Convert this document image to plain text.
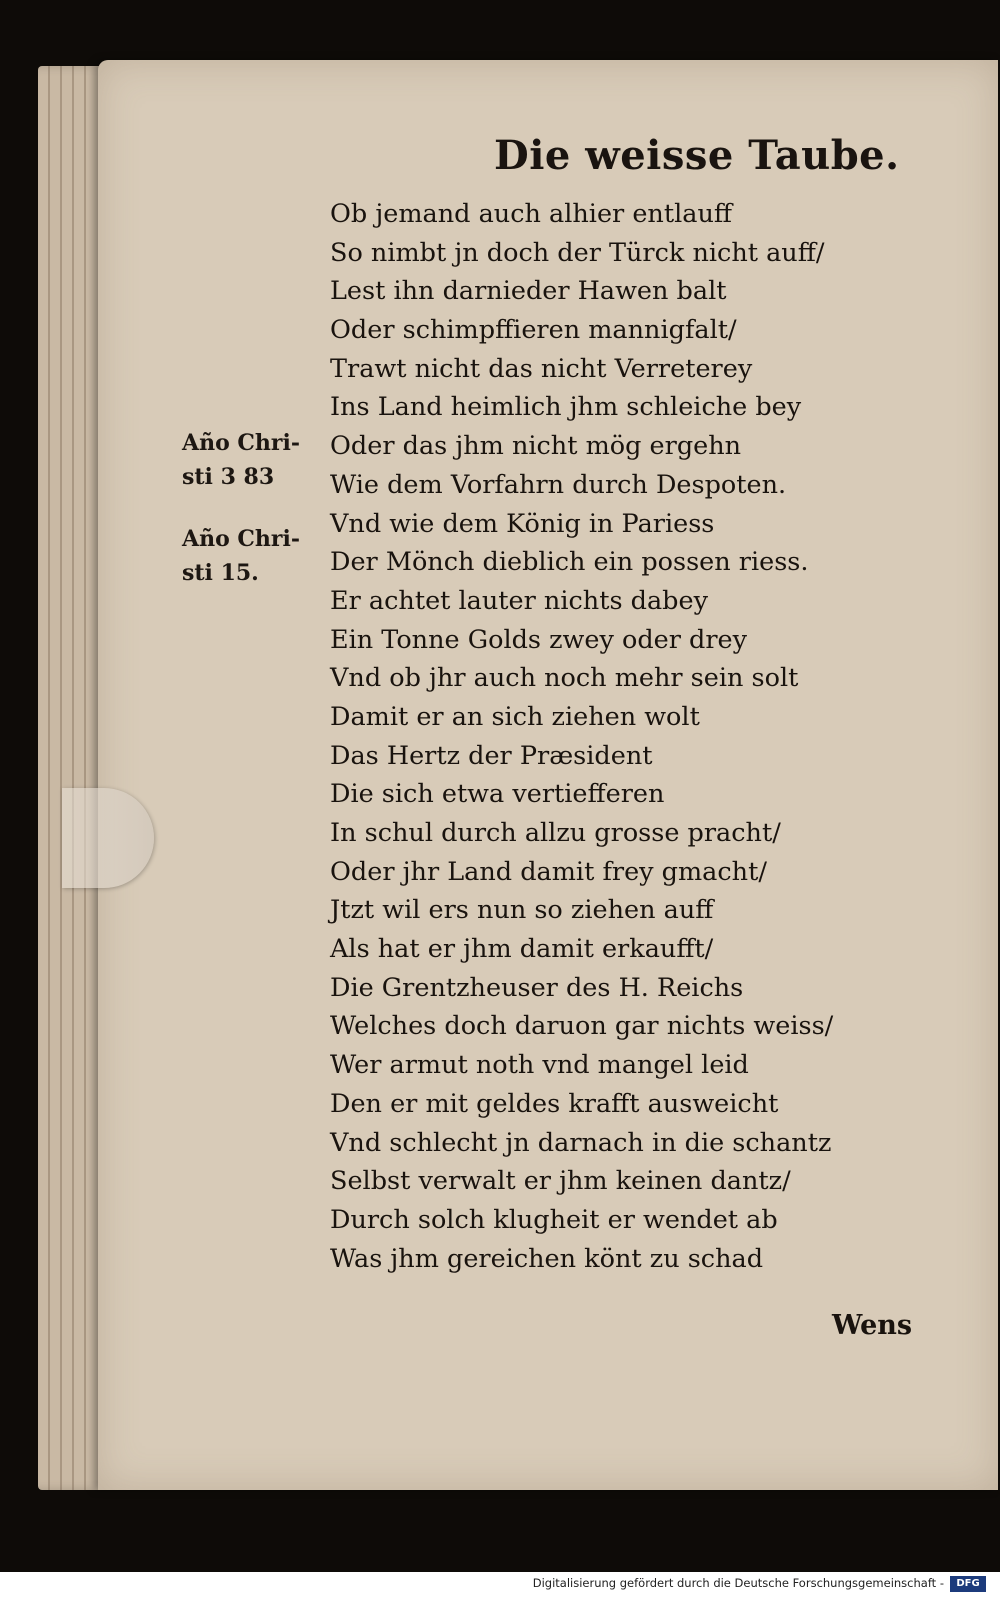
Die weisse Taube.
Año Chri-
sti 3 83
Año Chri-
sti 15.
Ob jemand auch alhier entlauff
So nimbt jn doch der Türck nicht auff/
Lest ihn darnieder Hawen balt
Oder schimpffieren mannigfalt/
Trawt nicht das nicht Verreterey
Ins Land heimlich jhm schleiche bey
Oder das jhm nicht mög ergehn
Wie dem Vorfahrn durch Despoten.
Vnd wie dem König in Pariess
Der Mönch dieblich ein possen riess.
Er achtet lauter nichts dabey
Ein Tonne Golds zwey oder drey
Vnd ob jhr auch noch mehr sein solt
Damit er an sich ziehen wolt
Das Hertz der Præsident
Die sich etwa vertiefferen
In schul durch allzu grosse pracht/
Oder jhr Land damit frey gmacht/
Jtzt wil ers nun so ziehen auff
Als hat er jhm damit erkaufft/
Die Grentzheuser des H. Reichs
Welches doch daruon gar nichts weiss/
Wer armut noth vnd mangel leid
Den er mit geldes krafft ausweicht
Vnd schlecht jn darnach in die schantz
Selbst verwalt er jhm keinen dantz/
Durch solch klugheit er wendet ab
Was jhm gereichen könt zu schad
Wens
Digitalisierung gefördert durch die Deutsche Forschungsgemeinschaft -	DFG
